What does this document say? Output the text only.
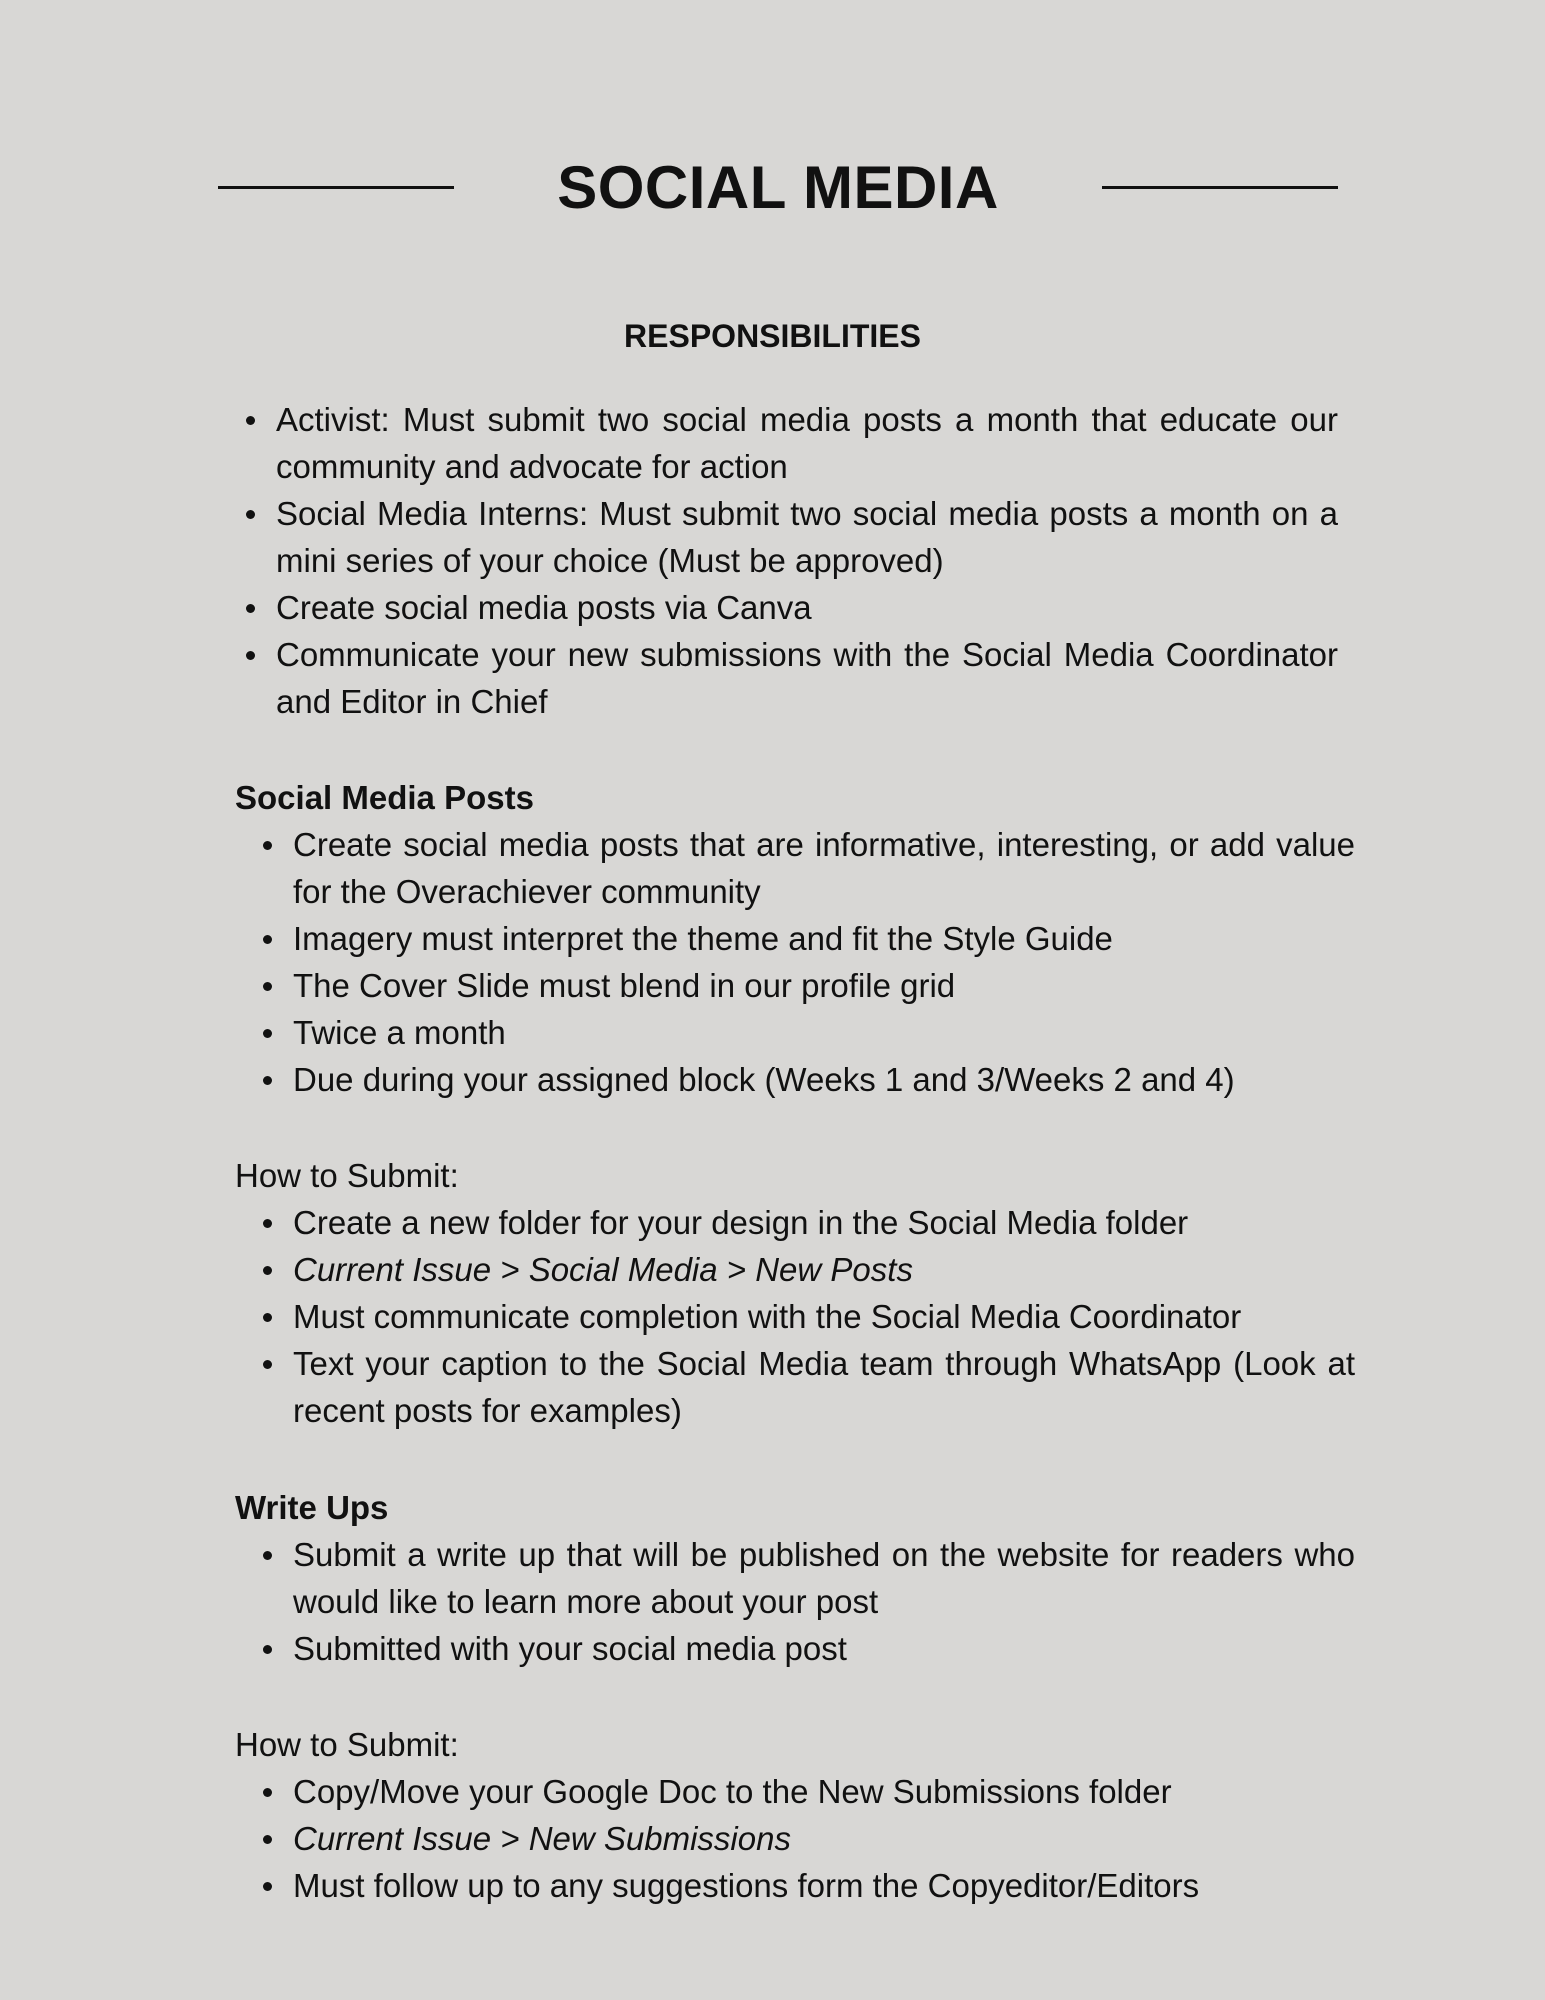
SOCIAL MEDIA
RESPONSIBILITIES
Activist: Must submit two social media posts a month that educate our community and advocate for action
Social Media Interns: Must submit two social media posts a month on a mini series of your choice (Must be approved)
Create social media posts via Canva
Communicate your new submissions with the Social Media Coordinator and Editor in Chief
Social Media Posts
Create social media posts that are informative, interesting, or add value for the Overachiever community
Imagery must interpret the theme and fit the Style Guide
The Cover Slide must blend in our profile grid
Twice a month
Due during your assigned block (Weeks 1 and 3/Weeks 2 and 4)
How to Submit:
Create a new folder for your design in the Social Media folder
Current Issue > Social Media > New Posts
Must communicate completion with the Social Media Coordinator
Text your caption to the Social Media team through WhatsApp (Look at recent posts for examples)
Write Ups
Submit a write up that will be published on the website for readers who would like to learn more about your post
Submitted with your social media post
How to Submit:
Copy/Move your Google Doc to the New Submissions folder
Current Issue > New Submissions
Must follow up to any suggestions form the Copyeditor/Editors
